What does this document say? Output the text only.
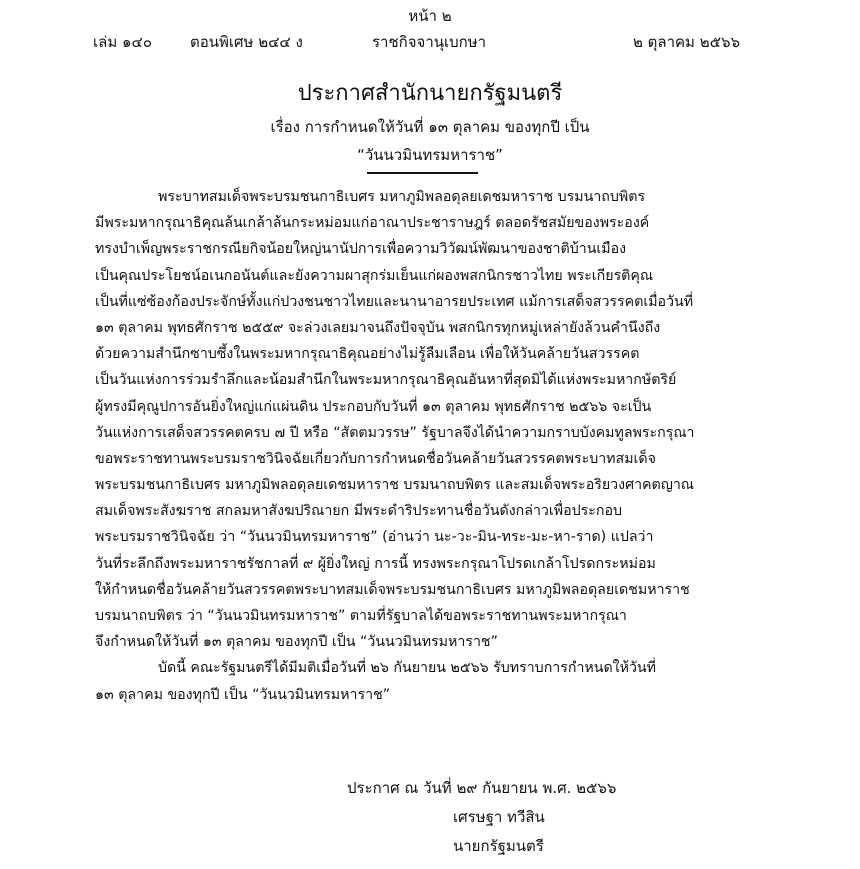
หน้า ๒
เล่ม ๑๔๐	ตอนพิเศษ ๒๔๔ ง	ราชกิจจานุเบกษา	๒ ตุลาคม ๒๕๖๖
ประกาศสำนักนายกรัฐมนตรี
เรื่อง การกำหนดให้วันที่ ๑๓ ตุลาคม ของทุกปี เป็น
“วันนวมินทรมหาราช”
พระบาทสมเด็จพระบรมชนกาธิเบศร มหาภูมิพลอดุลยเดชมหาราช บรมนาถบพิตร
มีพระมหากรุณาธิคุณล้นเกล้าล้นกระหม่อมแก่อาณาประชาราษฎร์ ตลอดรัชสมัยของพระองค์
ทรงบำเพ็ญพระราชกรณียกิจน้อยใหญ่นานัปการเพื่อความวิวัฒน์พัฒนาของชาติบ้านเมือง
เป็นคุณประโยชน์อเนกอนันต์และยังความผาสุกร่มเย็นแก่ผองพสกนิกรชาวไทย พระเกียรติคุณ
เป็นที่แซ่ซ้องก้องประจักษ์ทั้งแก่ปวงชนชาวไทยและนานาอารยประเทศ แม้การเสด็จสวรรคตเมื่อวันที่
๑๓ ตุลาคม พุทธศักราช ๒๕๕๙ จะล่วงเลยมาจนถึงปัจจุบัน พสกนิกรทุกหมู่เหล่ายังล้วนคำนึงถึง
ด้วยความสำนึกซาบซึ้งในพระมหากรุณาธิคุณอย่างไม่รู้ลืมเลือน เพื่อให้วันคล้ายวันสวรรคต
เป็นวันแห่งการร่วมรำลึกและน้อมสำนึกในพระมหากรุณาธิคุณอันหาที่สุดมิได้แห่งพระมหากษัตริย์
ผู้ทรงมีคุณูปการอันยิ่งใหญ่แก่แผ่นดิน ประกอบกับวันที่ ๑๓ ตุลาคม พุทธศักราช ๒๕๖๖ จะเป็น
วันแห่งการเสด็จสวรรคตครบ ๗ ปี หรือ “สัตตมวรรษ” รัฐบาลจึงได้นำความกราบบังคมทูลพระกรุณา
ขอพระราชทานพระบรมราชวินิจฉัยเกี่ยวกับการกำหนดชื่อวันคล้ายวันสวรรคตพระบาทสมเด็จ
พระบรมชนกาธิเบศร มหาภูมิพลอดุลยเดชมหาราช บรมนาถบพิตร และสมเด็จพระอริยวงศาคตญาณ
สมเด็จพระสังฆราช สกลมหาสังฆปริณายก มีพระดำริประทานชื่อวันดังกล่าวเพื่อประกอบ
พระบรมราชวินิจฉัย ว่า “วันนวมินทรมหาราช” (อ่านว่า นะ-วะ-มิน-ทระ-มะ-หา-ราด) แปลว่า
วันที่ระลึกถึงพระมหาราชรัชกาลที่ ๙ ผู้ยิ่งใหญ่ การนี้ ทรงพระกรุณาโปรดเกล้าโปรดกระหม่อม
ให้กำหนดชื่อวันคล้ายวันสวรรคตพระบาทสมเด็จพระบรมชนกาธิเบศร มหาภูมิพลอดุลยเดชมหาราช
บรมนาถบพิตร ว่า “วันนวมินทรมหาราช” ตามที่รัฐบาลได้ขอพระราชทานพระมหากรุณา
จึงกำหนดให้วันที่ ๑๓ ตุลาคม ของทุกปี เป็น “วันนวมินทรมหาราช”
บัดนี้ คณะรัฐมนตรีได้มีมติเมื่อวันที่ ๒๖ กันยายน ๒๕๖๖ รับทราบการกำหนดให้วันที่
๑๓ ตุลาคม ของทุกปี เป็น “วันนวมินทรมหาราช”
ประกาศ ณ วันที่ ๒๙ กันยายน พ.ศ. ๒๕๖๖
เศรษฐา ทวีสิน
นายกรัฐมนตรี
